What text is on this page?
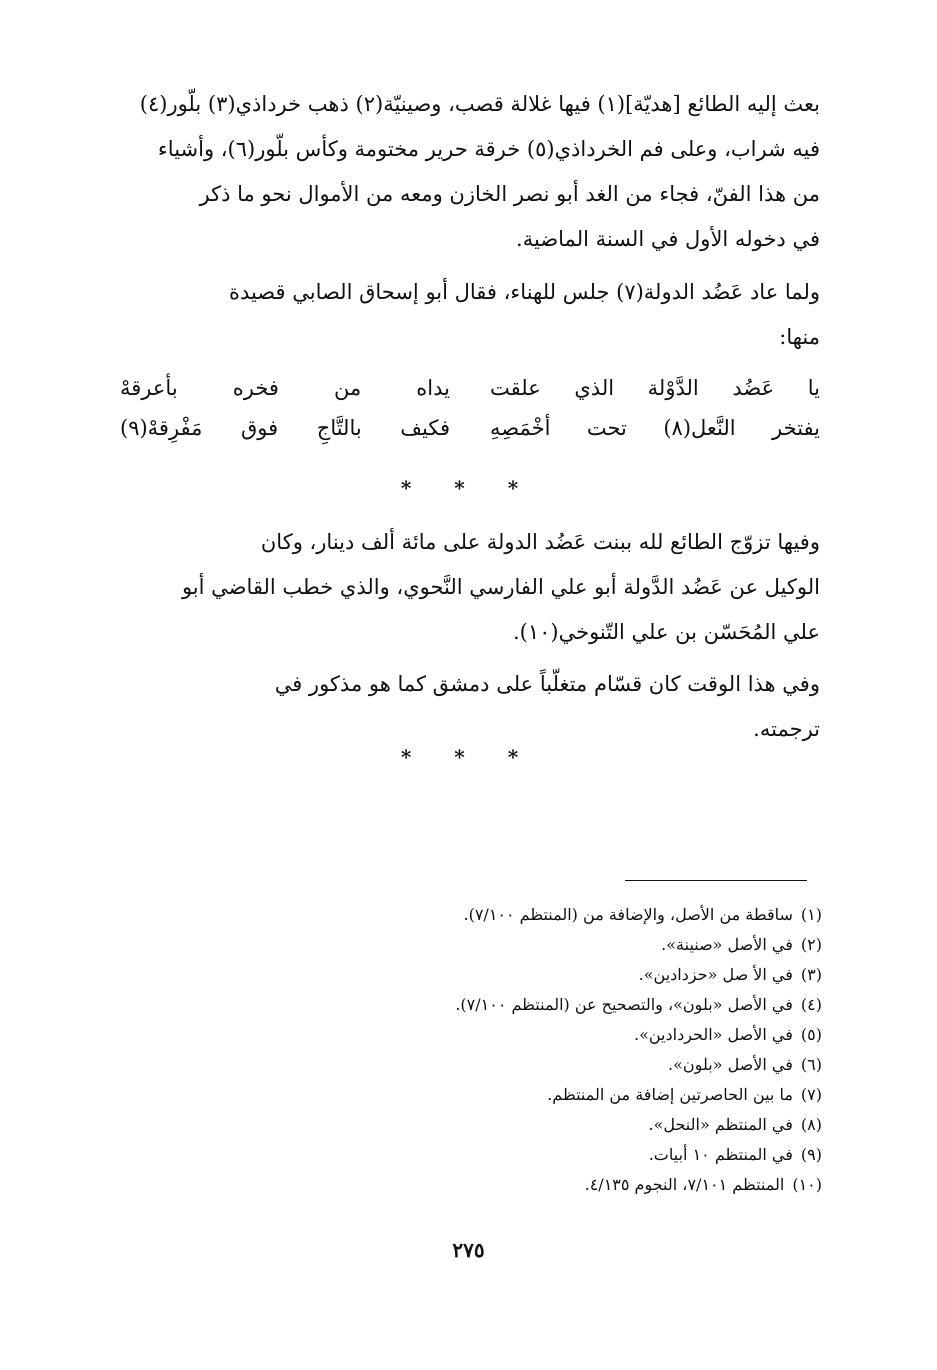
بعث إليه الطائع [هديّة](١) فيها غلالة قصب، وصينيّة(٢) ذهب خرداذي(٣) بلّور(٤)
فيه شراب، وعلى فم الخرداذي(٥) خرقة حرير مختومة وكأس بلّور(٦)، وأشياء
من هذا الفنّ، فجاء من الغد أبو نصر الخازن ومعه من الأموال نحو ما ذكر
في دخوله الأول في السنة الماضية.
ولما عاد عَضُد الدولة(٧) جلس للهناء، فقال أبو إسحاق الصابي قصيدة
منها:
يا عَضُد الدَّوْلة الذي علقت
يداه من فخره بأعرقهْ
يفتخر النَّعل(٨) تحت أخْمَصِهِ
فكيف بالتَّاجِ فوق مَفْرِقهْ(٩)
* * *
وفيها تزوّج الطائع لله ببنت عَضُد الدولة على مائة ألف دينار، وكان
الوكيل عن عَضُد الدَّولة أبو علي الفارسي النَّحوي، والذي خطب القاضي أبو
علي المُحَسّن بن علي التّنوخي(١٠).
وفي هذا الوقت كان قسّام متغلّباً على دمشق كما هو مذكور في
ترجمته.
* * *
(١)ساقطة من الأصل، والإضافة من (المنتظم ٧/١٠٠).
(٢)في الأصل «صنينة».
(٣)في الأ صل «حزدادين».
(٤)في الأصل «بلون»، والتصحيح عن (المنتظم ٧/١٠٠).
(٥)في الأصل «الحردادين».
(٦)في الأصل «بلون».
(٧)ما بين الحاصرتين إضافة من المنتظم.
(٨)في المنتظم «النحل».
(٩)في المنتظم ١٠ أبيات.
(١٠)المنتظم ٧/١٠١، النجوم ٤/١٣٥.
٢٧٥
